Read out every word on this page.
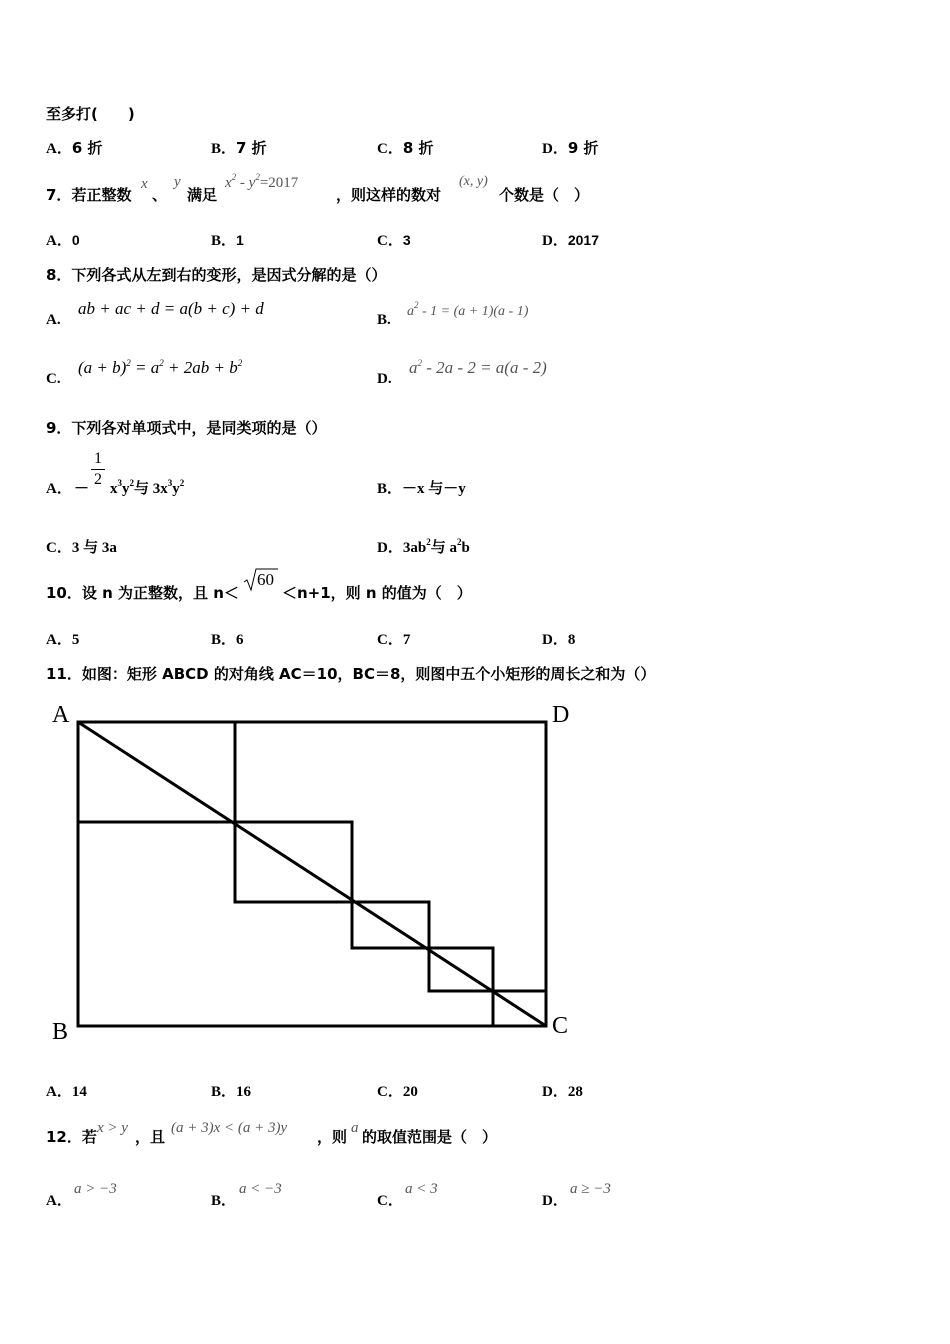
至多打(　　)
A．6 折	B．7 折	C．8 折	D．9 折
7．若正整数
x
、
y
满足
$x^2 - y^2=2017$
，则这样的数对
(x, y)
个数是（　）
A．0	B．1	C．3	D．2017
8．下列各式从左到右的变形，是因式分解的是（）
A.
ab + ac + d = a(b + c) + d
B.
$a^2 - 1 = (a + 1)(a - 1)$
C.
$(a + b)^2 = a^2 + 2ab + b^2$
D.
$a^2 - 2a - 2 = a(a - 2)$
9．下列各对单项式中，是同类项的是（）
A． －
1
2
$x^3y^2$与 $3x^3y^2$	B．－x 与－y
C．3 与 3a	D．$3ab^2$与 $a^2b$
10．设 n 为正整数，且 n＜
60
＜n+1，则 n 的值为（　）
A．5	B．6	C．7	D．8
11．如图：矩形 ABCD 的对角线 AC＝10，BC＝8，则图中五个小矩形的周长之和为（）
A	D
B	C
A．14	B．16	C．20	D．28
12．若 x > y ，且 (a + 3)x < (a + 3)y ，则 a 的取值范围是（　）
A．
a > −3
B．
a < −3
C．
a < 3
D．
a ≥ −3
